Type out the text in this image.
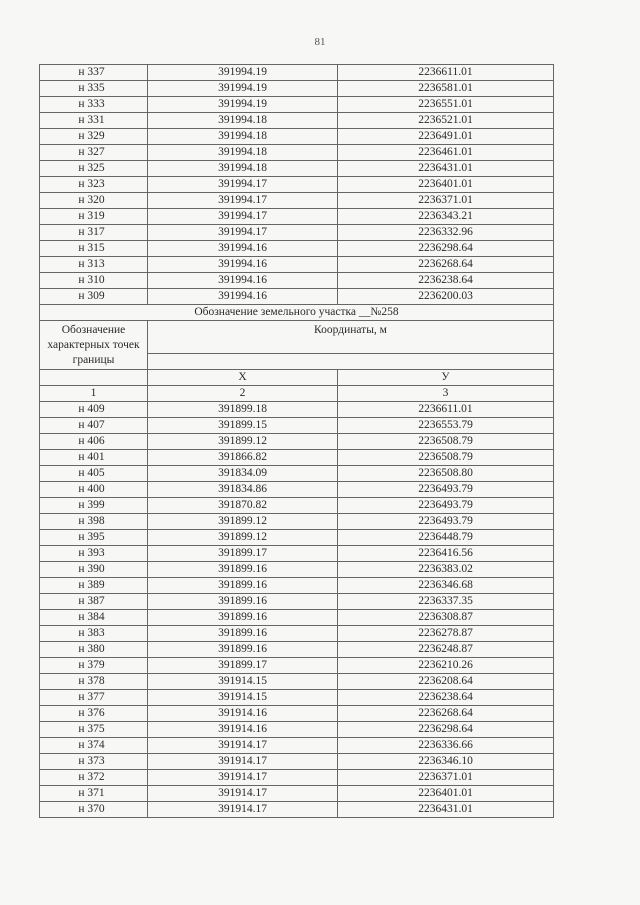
81
н 337	391994.19	2236611.01
н 335	391994.19	2236581.01
н 333	391994.19	2236551.01
н 331	391994.18	2236521.01
н 329	391994.18	2236491.01
н 327	391994.18	2236461.01
н 325	391994.18	2236431.01
н 323	391994.17	2236401.01
н 320	391994.17	2236371.01
н 319	391994.17	2236343.21
н 317	391994.17	2236332.96
н 315	391994.16	2236298.64
н 313	391994.16	2236268.64
н 310	391994.16	2236238.64
н 309	391994.16	2236200.03
Обозначение земельного участка __№258		
Обозначение характерных точек границы	Координаты, м	

	X	У
1	2	3
н 409	391899.18	2236611.01
н 407	391899.15	2236553.79
н 406	391899.12	2236508.79
н 401	391866.82	2236508.79
н 405	391834.09	2236508.80
н 400	391834.86	2236493.79
н 399	391870.82	2236493.79
н 398	391899.12	2236493.79
н 395	391899.12	2236448.79
н 393	391899.17	2236416.56
н 390	391899.16	2236383.02
н 389	391899.16	2236346.68
н 387	391899.16	2236337.35
н 384	391899.16	2236308.87
н 383	391899.16	2236278.87
н 380	391899.16	2236248.87
н 379	391899.17	2236210.26
н 378	391914.15	2236208.64
н 377	391914.15	2236238.64
н 376	391914.16	2236268.64
н 375	391914.16	2236298.64
н 374	391914.17	2236336.66
н 373	391914.17	2236346.10
н 372	391914.17	2236371.01
н 371	391914.17	2236401.01
н 370	391914.17	2236431.01
